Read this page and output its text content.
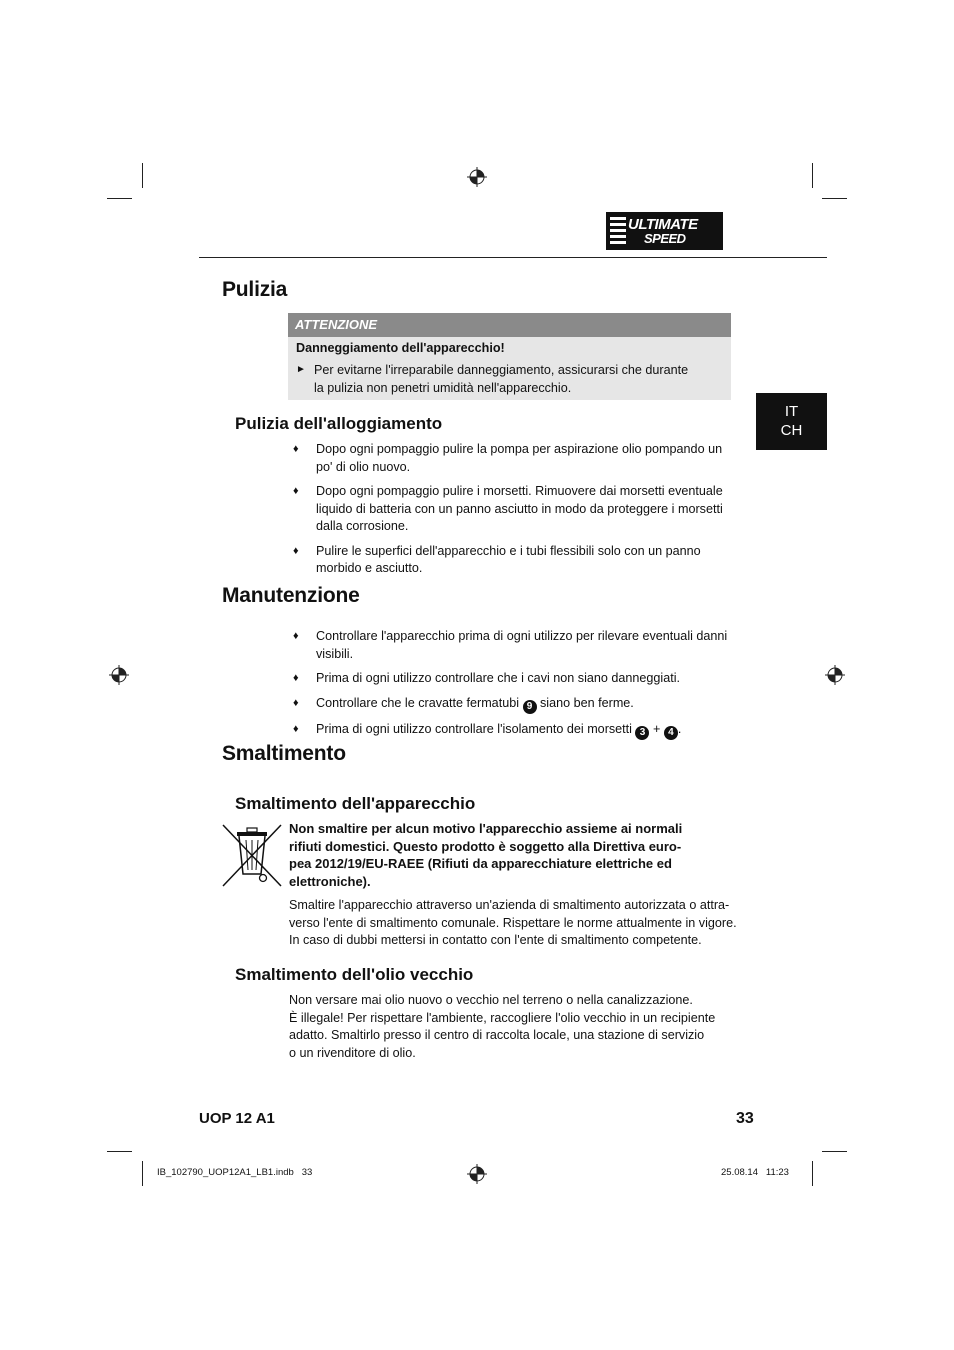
ULTIMATE
SPEED
IT
CH
Pulizia
ATTENZIONE
Danneggiamento dell'apparecchio!
► Per evitarne l'irreparabile danneggiamento, assicurarsi che durante
la pulizia non penetri umidità nell'apparecchio.
Pulizia dell'alloggiamento
♦ Dopo ogni pompaggio pulire la pompa per aspirazione olio pompando un po' di olio nuovo.
♦ Dopo ogni pompaggio pulire i morsetti. Rimuovere dai morsetti eventuale liquido di batteria con un panno asciutto in modo da proteggere i morsetti dalla corrosione.
♦ Pulire le superfici dell'apparecchio e i tubi flessibili solo con un panno morbido e asciutto.
Manutenzione
♦ Controllare l'apparecchio prima di ogni utilizzo per rilevare eventuali danni visibili.
♦ Prima di ogni utilizzo controllare che i cavi non siano danneggiati.
♦ Controllare che le cravatte fermatubi 9 siano ben ferme.
♦ Prima di ogni utilizzo controllare l'isolamento dei morsetti 3 + 4 .
Smaltimento
Smaltimento dell'apparecchio
Non smaltire per alcun motivo l'apparecchio assieme ai normali
rifiuti domestici. Questo prodotto è soggetto alla Direttiva euro-
pea 2012/19/EU-RAEE (Rifiuti da apparecchiature elettriche ed
elettroniche).
Smaltire l'apparecchio attraverso un'azienda di smaltimento autorizzata o attra-
verso l'ente di smaltimento comunale. Rispettare le norme attualmente in vigore.
In caso di dubbi mettersi in contatto con l'ente di smaltimento competente.
Smaltimento dell'olio vecchio
Non versare mai olio nuovo o vecchio nel terreno o nella canalizzazione.
È illegale! Per rispettare l'ambiente, raccogliere l'olio vecchio in un recipiente
adatto. Smaltirlo presso il centro di raccolta locale, una stazione di servizio
o un rivenditore di olio.
UOP 12 A1	33
IB_102790_UOP12A1_LB1.indb   33	25.08.14   11:23
